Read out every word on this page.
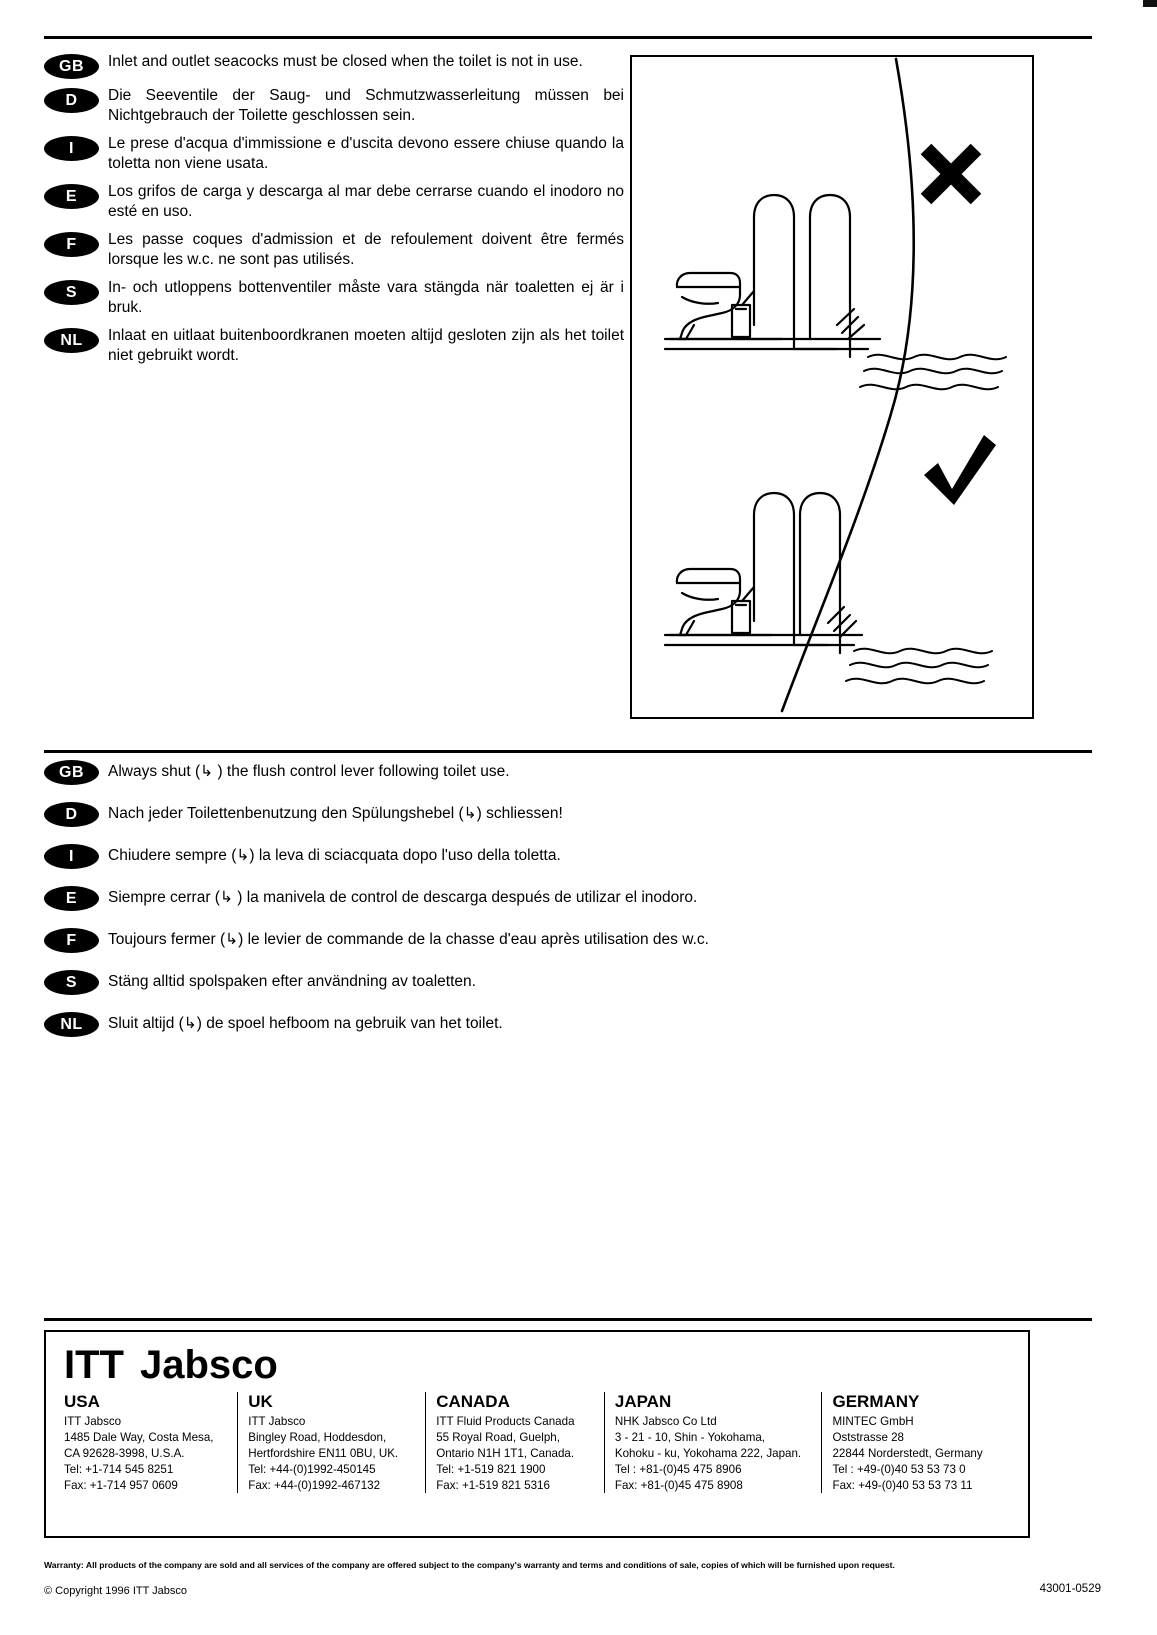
GB	Inlet and outlet seacocks must be closed when the toilet is not in use.
D	Die Seeventile der Saug- und Schmutzwasserleitung müssen bei Nichtgebrauch der Toilette geschlossen sein.
I	Le prese d'acqua d'immissione e d'uscita devono essere chiuse quando la toletta non viene usata.
E	Los grifos de carga y descarga al mar debe cerrarse cuando el inodoro no esté en uso.
F	Les passe coques d'admission et de refoulement doivent être fermés lorsque les w.c. ne sont pas utilisés.
S	In- och utloppens bottenventiler måste vara stängda när toaletten ej är i bruk.
NL	Inlaat en uitlaat buitenboordkranen moeten altijd gesloten zijn als het toilet niet gebruikt wordt.
GB	Always shut (↳ ) the flush control lever following toilet use.
D	Nach jeder Toilettenbenutzung den Spülungshebel (↳) schliessen!
I	Chiudere sempre (↳) la leva di sciacquata dopo l'uso della toletta.
E	Siempre cerrar (↳ ) la manivela de control de descarga después de utilizar el inodoro.
F	Toujours fermer (↳) le levier de commande de la chasse d'eau après utilisation des w.c.
S	Stäng alltid spolspaken efter användning av toaletten.
NL	Sluit altijd (↳) de spoel hefboom na gebruik van het toilet.
ITT Jabsco
USA
ITT Jabsco
1485 Dale Way, Costa Mesa,
CA 92628-3998, U.S.A.
Tel: +1-714 545 8251
Fax: +1-714 957 0609
UK
ITT Jabsco
Bingley Road, Hoddesdon,
Hertfordshire EN11 0BU, UK.
Tel: +44-(0)1992-450145
Fax: +44-(0)1992-467132
CANADA
ITT Fluid Products Canada
55 Royal Road, Guelph,
Ontario N1H 1T1, Canada.
Tel: +1-519 821 1900
Fax: +1-519 821 5316
JAPAN
NHK Jabsco Co Ltd
3 - 21 - 10, Shin - Yokohama,
Kohoku - ku, Yokohama 222, Japan.
Tel : +81-(0)45 475 8906
Fax: +81-(0)45 475 8908
GERMANY
MINTEC GmbH
Oststrasse 28
22844 Norderstedt, Germany
Tel : +49-(0)40 53 53 73 0
Fax: +49-(0)40 53 53 73 11
Warranty: All products of the company are sold and all services of the company are offered subject to the company's warranty and terms and conditions of sale, copies of which will be furnished upon request.
© Copyright 1996 ITT Jabsco	43001-0529
